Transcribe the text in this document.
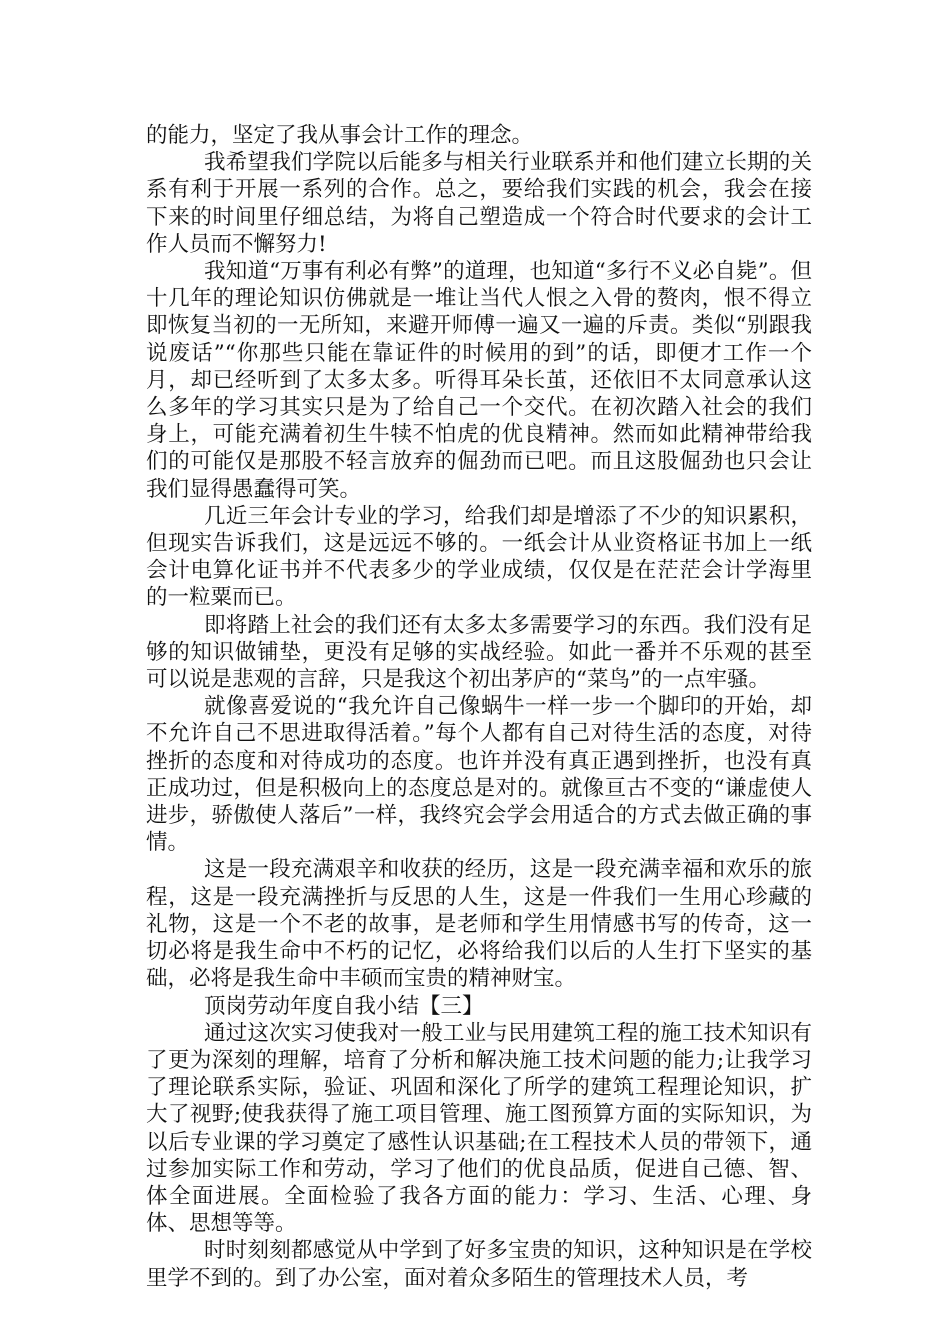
的能力，坚定了我从事会计工作的理念。

我希望我们学院以后能多与相关行业联系并和他们建立长期的关系有利于开展一系列的合作。总之，要给我们实践的机会，我会在接下来的时间里仔细总结，为将自己塑造成一个符合时代要求的会计工作人员而不懈努力!

我知道“万事有利必有弊”的道理，也知道“多行不义必自毙”。但十几年的理论知识仿佛就是一堆让当代人恨之入骨的赘肉，恨不得立即恢复当初的一无所知，来避开师傅一遍又一遍的斥责。类似“别跟我说废话”“你那些只能在靠证件的时候用的到”的话，即便才工作一个月，却已经听到了太多太多。听得耳朵长茧，还依旧不太同意承认这么多年的学习其实只是为了给自己一个交代。在初次踏入社会的我们身上，可能充满着初生牛犊不怕虎的优良精神。然而如此精神带给我们的可能仅是那股不轻言放弃的倔劲而已吧。而且这股倔劲也只会让我们显得愚蠢得可笑。

几近三年会计专业的学习，给我们却是增添了不少的知识累积，但现实告诉我们，这是远远不够的。一纸会计从业资格证书加上一纸会计电算化证书并不代表多少的学业成绩，仅仅是在茫茫会计学海里的一粒粟而已。

即将踏上社会的我们还有太多太多需要学习的东西。我们没有足够的知识做铺垫，更没有足够的实战经验。如此一番并不乐观的甚至可以说是悲观的言辞，只是我这个初出茅庐的“菜鸟”的一点牢骚。

就像喜爱说的“我允许自己像蜗牛一样一步一个脚印的开始，却不允许自己不思进取得活着。”每个人都有自己对待生活的态度，对待挫折的态度和对待成功的态度。也许并没有真正遇到挫折，也没有真正成功过，但是积极向上的态度总是对的。就像亘古不变的“谦虚使人进步，骄傲使人落后”一样，我终究会学会用适合的方式去做正确的事情。

这是一段充满艰辛和收获的经历，这是一段充满幸福和欢乐的旅程，这是一段充满挫折与反思的人生，这是一件我们一生用心珍藏的礼物，这是一个不老的故事，是老师和学生用情感书写的传奇，这一切必将是我生命中不朽的记忆，必将给我们以后的人生打下坚实的基础，必将是我生命中丰硕而宝贵的精神财宝。

顶岗劳动年度自我小结【三】

通过这次实习使我对一般工业与民用建筑工程的施工技术知识有了更为深刻的理解，培育了分析和解决施工技术问题的能力;让我学习了理论联系实际，验证、巩固和深化了所学的建筑工程理论知识，扩大了视野;使我获得了施工项目管理、施工图预算方面的实际知识，为以后专业课的学习奠定了感性认识基础;在工程技术人员的带领下，通过参加实际工作和劳动，学习了他们的优良品质，促进自己德、智、体全面进展。全面检验了我各方面的能力：学习、生活、心理、身体、思想等等。

时时刻刻都感觉从中学到了好多宝贵的知识，这种知识是在学校里学不到的。到了办公室，面对着众多陌生的管理技术人员，考
